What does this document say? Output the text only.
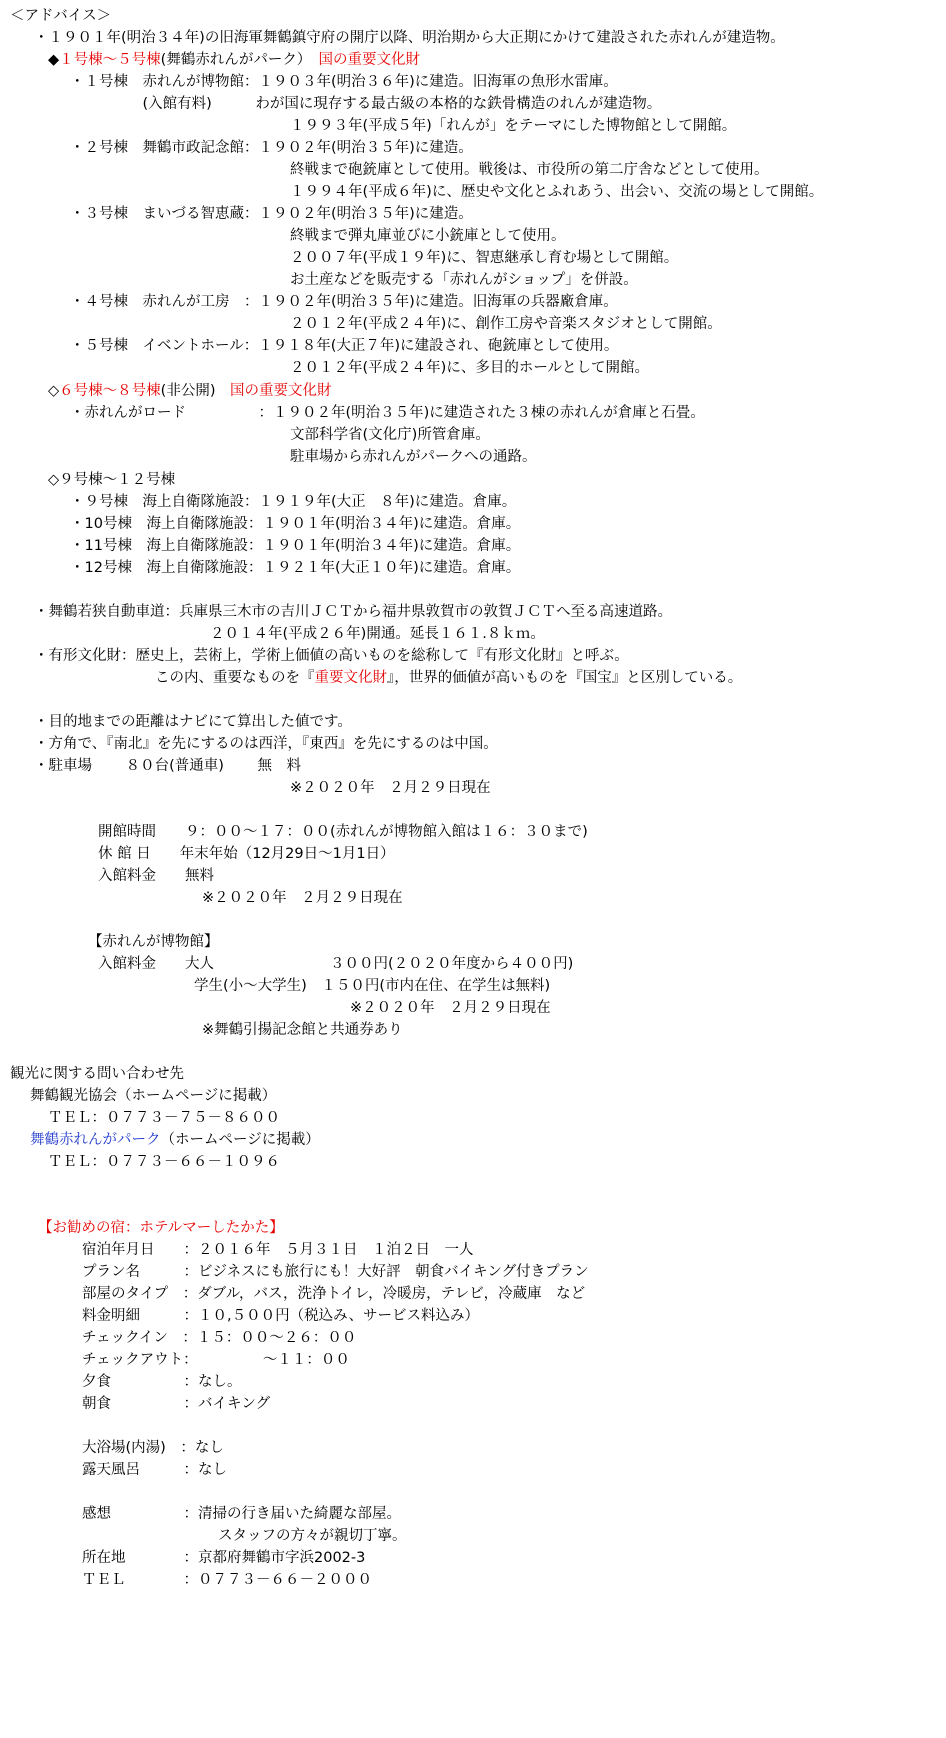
＜アドバイス＞
・１９０１年(明治３４年)の旧海軍舞鶴鎮守府の開庁以降、明治期から大正期にかけて建設された赤れんが建造物。
◆１号棟～５号棟(舞鶴赤れんがパーク）　国の重要文化財
・１号棟　赤れんが博物館：１９０３年(明治３６年)に建造。旧海軍の魚形水雷庫。
　　　　　(入館有料)　　　わが国に現存する最古級の本格的な鉄骨構造のれんが建造物。
１９９３年(平成５年)「れんが」をテーマにした博物館として開館。
・２号棟　舞鶴市政記念館：１９０２年(明治３５年)に建造。
終戦まで砲銃庫として使用。戦後は、市役所の第二庁舎などとして使用。
１９９４年(平成６年)に、歴史や文化とふれあう、出会い、交流の場として開館。
・３号棟　まいづる智恵蔵：１９０２年(明治３５年)に建造。
終戦まで弾丸庫並びに小銃庫として使用。
２００７年(平成１９年)に、智恵継承し育む場として開館。
お土産などを販売する「赤れんがショップ」を併設。
・４号棟　赤れんが工房　：１９０２年(明治３５年)に建造。旧海軍の兵器廠倉庫。
２０１２年(平成２４年)に、創作工房や音楽スタジオとして開館。
・５号棟　イベントホール：１９１８年(大正７年)に建設され、砲銃庫として使用。
２０１２年(平成２４年)に、多目的ホールとして開館。
◇６号棟～８号棟(非公開)　国の重要文化財
・赤れんがロード　　　　　：１９０２年(明治３５年)に建造された３棟の赤れんが倉庫と石畳。
文部科学省(文化庁)所管倉庫。
駐車場から赤れんがパークへの通路。
◇９号棟～１２号棟
・９号棟　海上自衛隊施設：１９１９年(大正　８年)に建造。倉庫。
・10号棟　海上自衛隊施設：１９０１年(明治３４年)に建造。倉庫。
・11号棟　海上自衛隊施設：１９０１年(明治３４年)に建造。倉庫。
・12号棟　海上自衛隊施設：１９２１年(大正１０年)に建造。倉庫。
・舞鶴若狭自動車道：兵庫県三木市の吉川ＪＣＴから福井県敦賀市の敦賀ＪＣＴへ至る高速道路。
２０１４年(平成２６年)開通。延長１６１.８ｋｍ。
・有形文化財：歴史上，芸術上，学術上価値の高いものを総称して『有形文化財』と呼ぶ。
この内、重要なものを『重要文化財』，世界的価値が高いものを『国宝』と区別している。
・目的地までの距離はナビにて算出した値です。
・方角で、『南北』を先にするのは西洋，『東西』を先にするのは中国。
・駐車場　　 ８０台(普通車)　　 無　料
※２０２０年　２月２９日現在
開館時間　　９：００～１７：００(赤れんが博物館入館は１６：３０まで)
休 館 日　　年末年始（12月29日～1月1日）
入館料金　　無料
※２０２０年　２月２９日現在
【赤れんが博物館】
入館料金　　大人　　　　　　　　３００円(２０２０年度から４００円)
学生(小～大学生)　１５０円(市内在住、在学生は無料)
※２０２０年　２月２９日現在
※舞鶴引揚記念館と共通券あり
観光に関する問い合わせ先
舞鶴観光協会（ホームページに掲載）
ＴＥＬ：０７７３－７５－８６００
舞鶴赤れんがパーク（ホームページに掲載）
ＴＥＬ：０７７３－６６－１０９６
【お勧めの宿：ホテルマーしたかた】
宿泊年月日　　：２０１６年　５月３１日　１泊２日　一人
プラン名　　　：ビジネスにも旅行にも！大好評　朝食バイキング付きプラン
部屋のタイプ　：ダブル，バス，洗浄トイレ，冷暖房，テレビ，冷蔵庫　など
料金明細　　　：１０,５００円（税込み、サービス料込み）
チェックイン　：１５：００～２６：００
チェックアウト：　　　　　～１１：００
夕食　　　　　：なし。
朝食　　　　　：バイキング
大浴場(内湯)　：なし
露天風呂　　　：なし
感想　　　　　：清掃の行き届いた綺麗な部屋。
スタッフの方々が親切丁寧。
所在地　　　　：京都府舞鶴市字浜2002-3
ＴＥＬ　　　　：０７７３－６６－２０００
